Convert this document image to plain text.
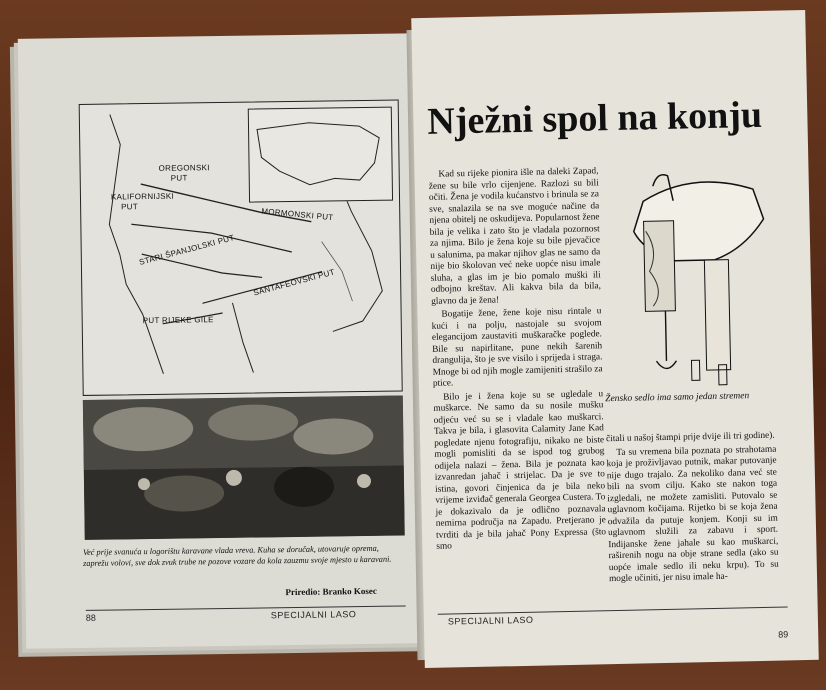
OREGONSKI
PUT
KALIFORNIJSKI
PUT	MORMONSKI PUT
STARI ŠPANJOLSKI PUT
SANTAFEOVSKI PUT
PUT RIJEKE GILE
Već prije svanuća u logorištu karavane vlada vreva. Kuha se doručak, utovaruje oprema, zaprežu volovi, sve dok zvuk trube ne pozove vozare da kola zauzmu svoje mjesto u karavani.
Priredio: Branko Kosec
88	SPECIJALNI LASO
Nježni spol na konju

Kad su rijeke pionira išle na daleki Zapad, žene su bile vrlo cijenjene. Razlozi su bili očiti. Žena je vodila kućanstvo i brinula se za sve, snalazila se na sve moguće načine da njena obitelj ne oskudijeva. Popularnost žene bila je velika i zato što je vladala pozornost za njima. Bilo je žena koje su bile pjevačice u salunima, pa makar njihov glas ne samo da nije bio školovan već neke uopće nisu imale sluha, a glas im je bio pomalo muški ili odbojno kreštav. Ali kakva bila da bila, glavno da je žena!

Bogatije žene, žene koje nisu rintale u kući i na polju, nastojale su svojom elegancijom zaustaviti muškaračke poglede. Bile su napirlitane, pune nekih šarenih drangulija, što je sve visilo i sprijeda i straga. Mnoge bi od njih mogle zamijeniti strašilo za ptice.

Bilo je i žena koje su se ugledale u muškarce. Ne samo da su nosile mušku odjeću već su se i vladale kao muškarci. Takva je bila, i glasovita Calamity Jane Kad pogledate njenu fotografiju, nikako ne biste mogli pomisliti da se ispod tog grubog odijela nalazi – žena. Bila je poznata kao izvanredan jahač i strijelac. Da je sve to istina, govori činjenica da je bila neko vrijeme izviđač generala Georgea Custera. To je dokazivalo da je odlično poznavala nemirna područja na Zapadu. Pretjerano je tvrditi da je bila jahač Pony Expressa (što smo

Žensko sedlo ima samo jedan stremen

čitali u našoj štampi prije dvije ili tri godine).

Ta su vremena bila poznata po strahotama koja je proživljavao putnik, makar putovanje nije dugo trajalo. Za nekoliko dana već ste bili na svom cilju. Kako ste nakon toga izgledali, ne možete zamisliti. Putovalo se uglavnom kočijama. Rijetko bi se koja žena odvažila da putuje konjem. Konji su im uglavnom služili za zabavu i sport. Indijanske žene jahale su kao muškarci, raširenih nogu na obje strane sedla (ako su uopće imale sedlo ili neku krpu). To su mogle učiniti, jer nisu imale ha-

SPECIJALNI LASO
89
